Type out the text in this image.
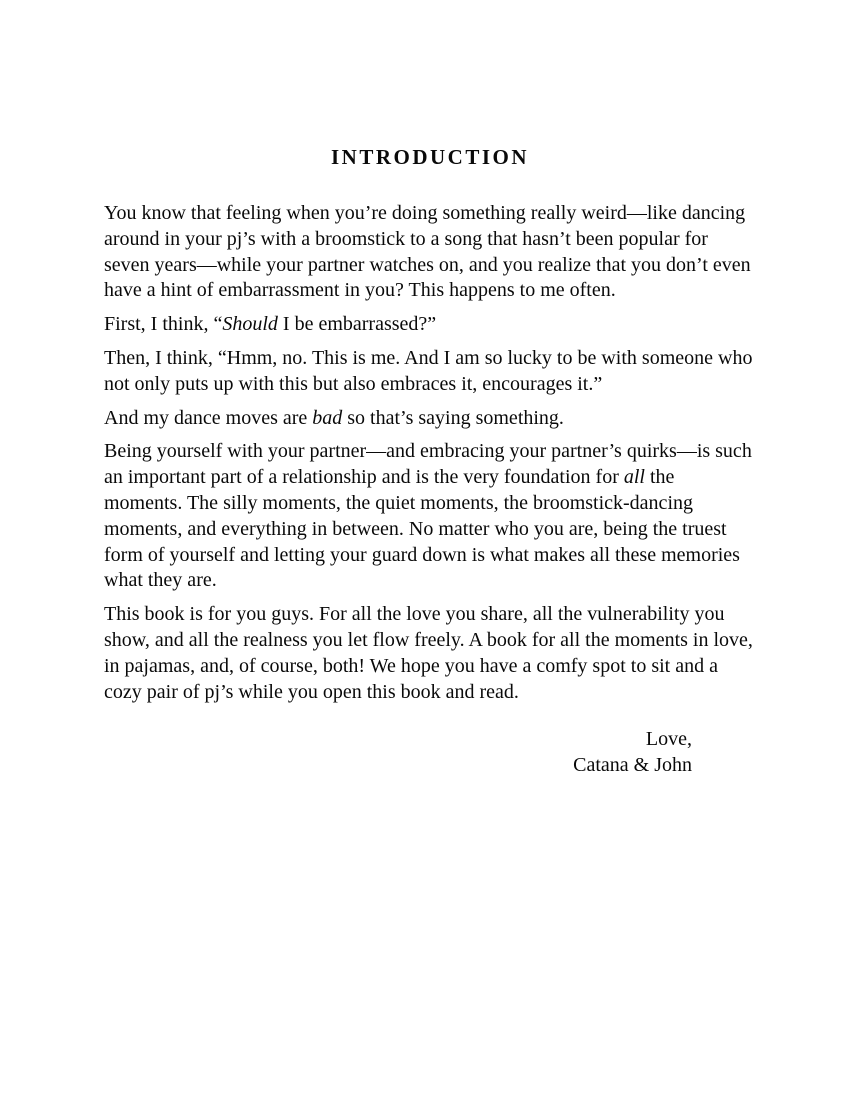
INTRODUCTION

You know that feeling when you’re doing something really weird—like dancing around in your pj’s with a broomstick to a song that hasn’t been popular for seven years—while your partner watches on, and you realize that you don’t even have a hint of embarrassment in you? This happens to me often.

First, I think, “Should I be embarrassed?”

Then, I think, “Hmm, no. This is me. And I am so lucky to be with someone who not only puts up with this but also embraces it, encourages it.”

And my dance moves are bad so that’s saying something.

Being yourself with your partner—and embracing your partner’s quirks—is such an important part of a relationship and is the very foundation for all the moments. The silly moments, the quiet moments, the broomstick-dancing moments, and everything in between. No matter who you are, being the truest form of yourself and letting your guard down is what makes all these memories what they are.

This book is for you guys. For all the love you share, all the vulnerability you show, and all the realness you let flow freely. A book for all the moments in love, in pajamas, and, of course, both! We hope you have a comfy spot to sit and a cozy pair of pj’s while you open this book and read.

Love,
Catana & John
